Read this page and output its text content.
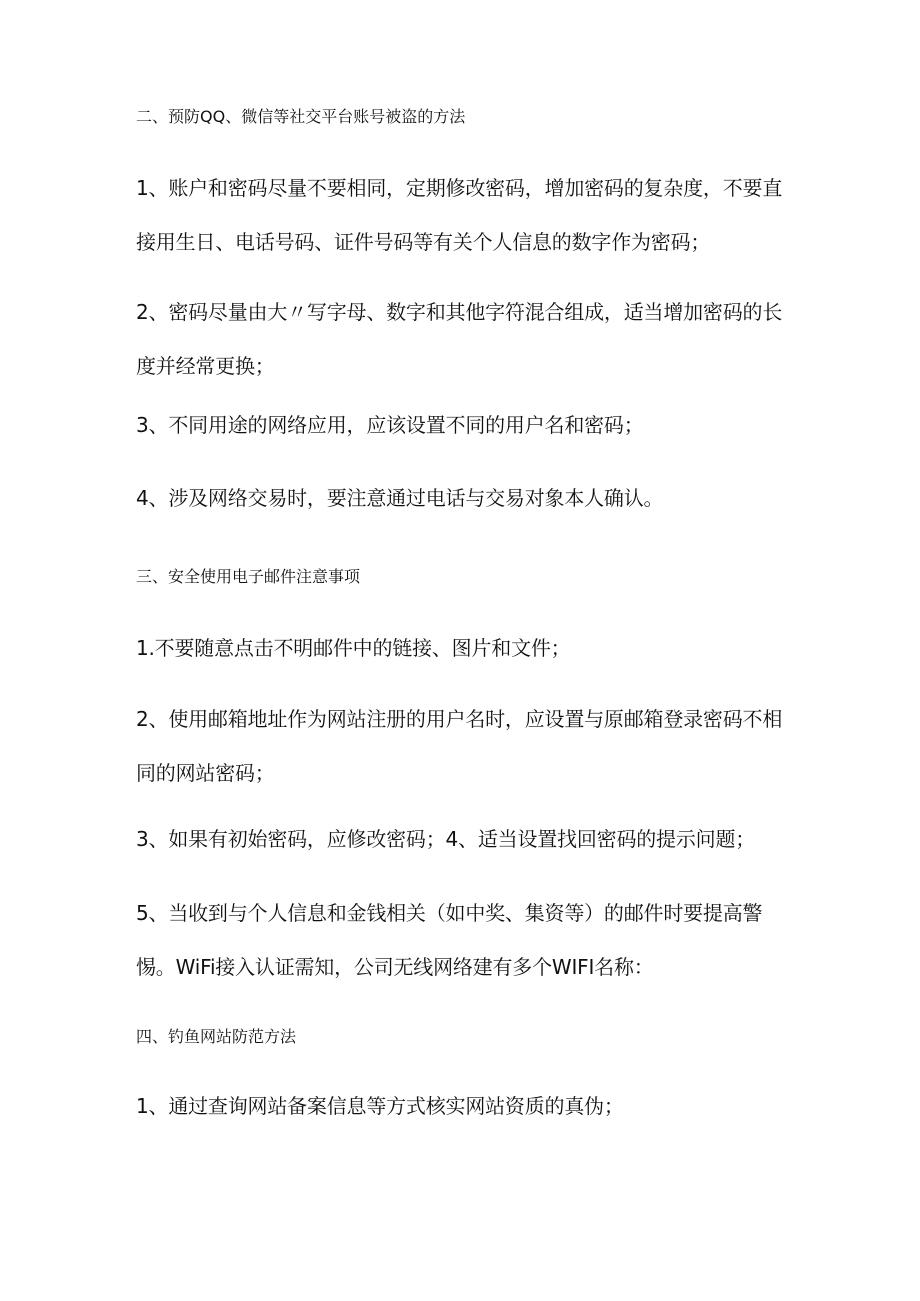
二、预防QQ、微信等社交平台账号被盗的方法
1、账户和密码尽量不要相同，定期修改密码，增加密码的复杂度，不要直
接用生日、电话号码、证件号码等有关个人信息的数字作为密码；
2、密码尽量由大〃写字母、数字和其他字符混合组成，适当增加密码的长
度并经常更换；
3、不同用途的网络应用，应该设置不同的用户名和密码；
4、涉及网络交易时，要注意通过电话与交易对象本人确认。
三、安全使用电子邮件注意事项
1.不要随意点击不明邮件中的链接、图片和文件；
2、使用邮箱地址作为网站注册的用户名时，应设置与原邮箱登录密码不相
同的网站密码；
3、如果有初始密码，应修改密码；4、适当设置找回密码的提示问题；
5、当收到与个人信息和金钱相关（如中奖、集资等）的邮件时要提高警
惕。WiFi接入认证需知，公司无线网络建有多个WIFI名称：
四、钓鱼网站防范方法
1、通过查询网站备案信息等方式核实网站资质的真伪；
